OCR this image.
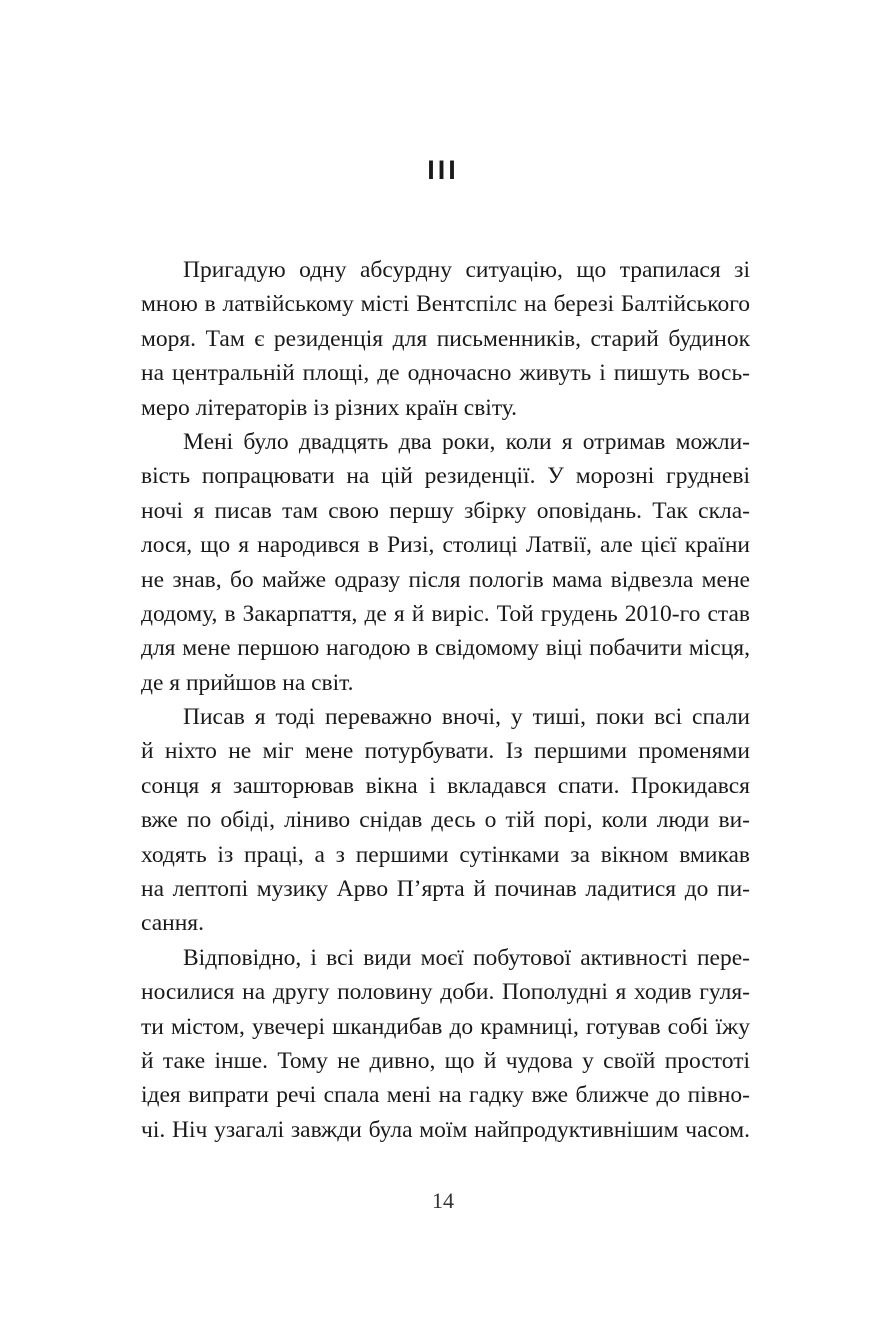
III
Пригадую одну абсурдну ситуацію, що трапилася зі
мною в латвійському місті Вентспілс на березі Балтійського
моря. Там є резиденція для письменників, старий будинок
на центральній площі, де одночасно живуть і пишуть вось-
меро літераторів із різних країн світу.
Мені було двадцять два роки, коли я отримав можли-
вість попрацювати на цій резиденції. У морозні грудневі
ночі я писав там свою першу збірку оповідань. Так скла-
лося, що я народився в Ризі, столиці Латвії, але цієї країни
не знав, бо майже одразу після пологів мама відвезла мене
додому, в Закарпаття, де я й виріс. Той грудень 2010-го став
для мене першою нагодою в свідомому віці побачити місця,
де я прийшов на світ.
Писав я тоді переважно вночі, у тиші, поки всі спали
й ніхто не міг мене потурбувати. Із першими променями
сонця я зашторював вікна і вкладався спати. Прокидався
вже по обіді, ліниво снідав десь о тій порі, коли люди ви-
ходять із праці, а з першими сутінками за вікном вмикав
на лептопі музику Арво П’ярта й починав ладитися до пи-
сання.
Відповідно, і всі види моєї побутової активності пере-
носилися на другу половину доби. Пополудні я ходив гуля-
ти містом, увечері шкандибав до крамниці, готував собі їжу
й таке інше. Тому не дивно, що й чудова у своїй простоті
ідея випрати речі спала мені на гадку вже ближче до півно-
чі. Ніч узагалі завжди була моїм найпродуктивнішим часом.
14
